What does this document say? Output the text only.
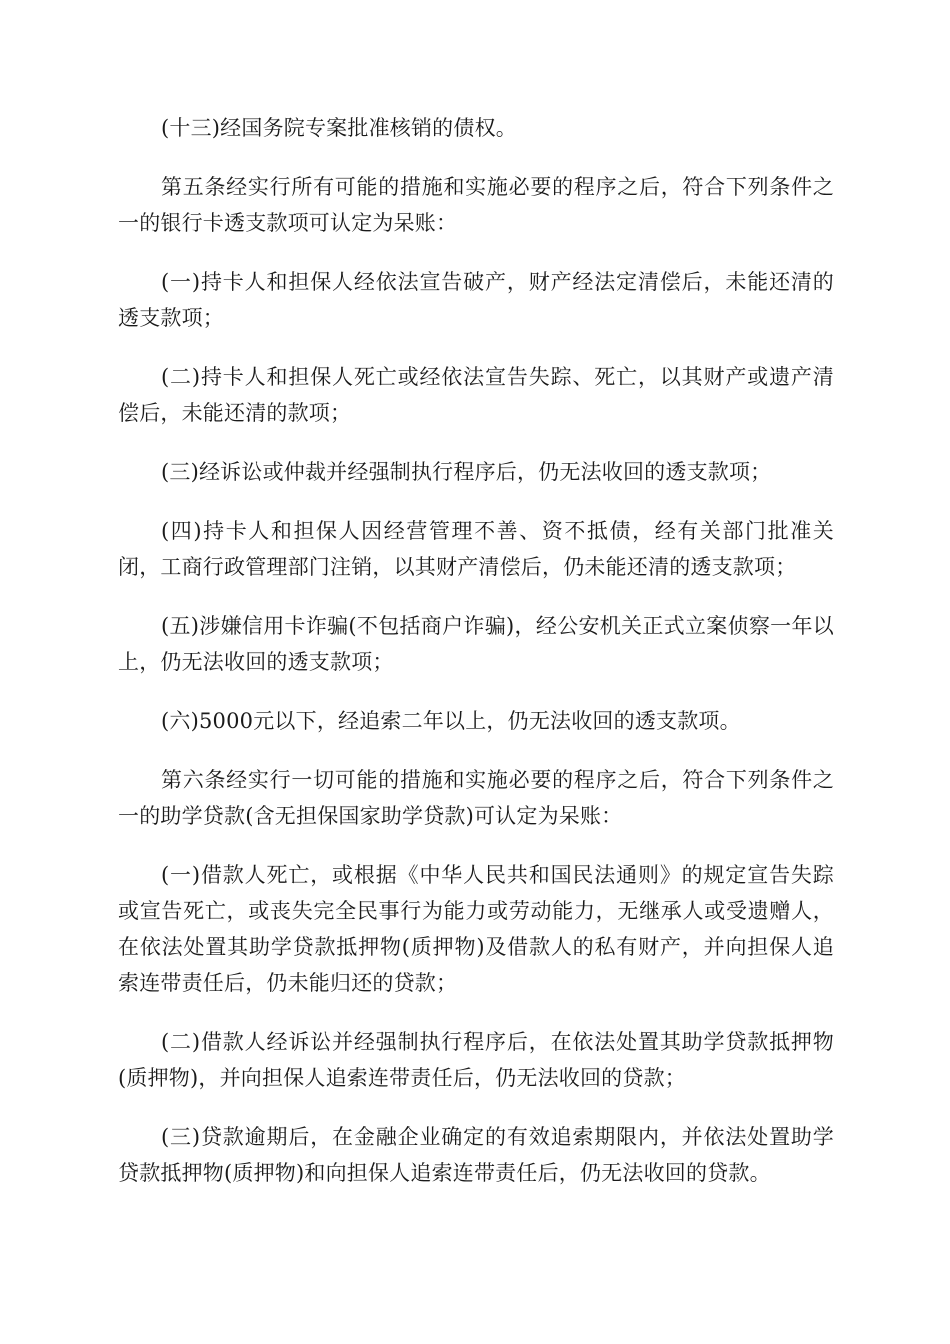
(十三)经国务院专案批准核销的债权。

第五条经实行所有可能的措施和实施必要的程序之后，符合下列条件之一的银行卡透支款项可认定为呆账：

(一)持卡人和担保人经依法宣告破产，财产经法定清偿后，未能还清的透支款项；

(二)持卡人和担保人死亡或经依法宣告失踪、死亡，以其财产或遗产清偿后，未能还清的款项；

(三)经诉讼或仲裁并经强制执行程序后，仍无法收回的透支款项；

(四)持卡人和担保人因经营管理不善、资不抵债，经有关部门批准关闭，工商行政管理部门注销，以其财产清偿后，仍未能还清的透支款项；

(五)涉嫌信用卡诈骗(不包括商户诈骗)，经公安机关正式立案侦察一年以上，仍无法收回的透支款项；

(六)5000元以下，经追索二年以上，仍无法收回的透支款项。

第六条经实行一切可能的措施和实施必要的程序之后，符合下列条件之一的助学贷款(含无担保国家助学贷款)可认定为呆账：

(一)借款人死亡，或根据《中华人民共和国民法通则》的规定宣告失踪或宣告死亡，或丧失完全民事行为能力或劳动能力，无继承人或受遗赠人，在依法处置其助学贷款抵押物(质押物)及借款人的私有财产，并向担保人追索连带责任后，仍未能归还的贷款；

(二)借款人经诉讼并经强制执行程序后，在依法处置其助学贷款抵押物(质押物)，并向担保人追索连带责任后，仍无法收回的贷款；

(三)贷款逾期后，在金融企业确定的有效追索期限内，并依法处置助学贷款抵押物(质押物)和向担保人追索连带责任后，仍无法收回的贷款。
